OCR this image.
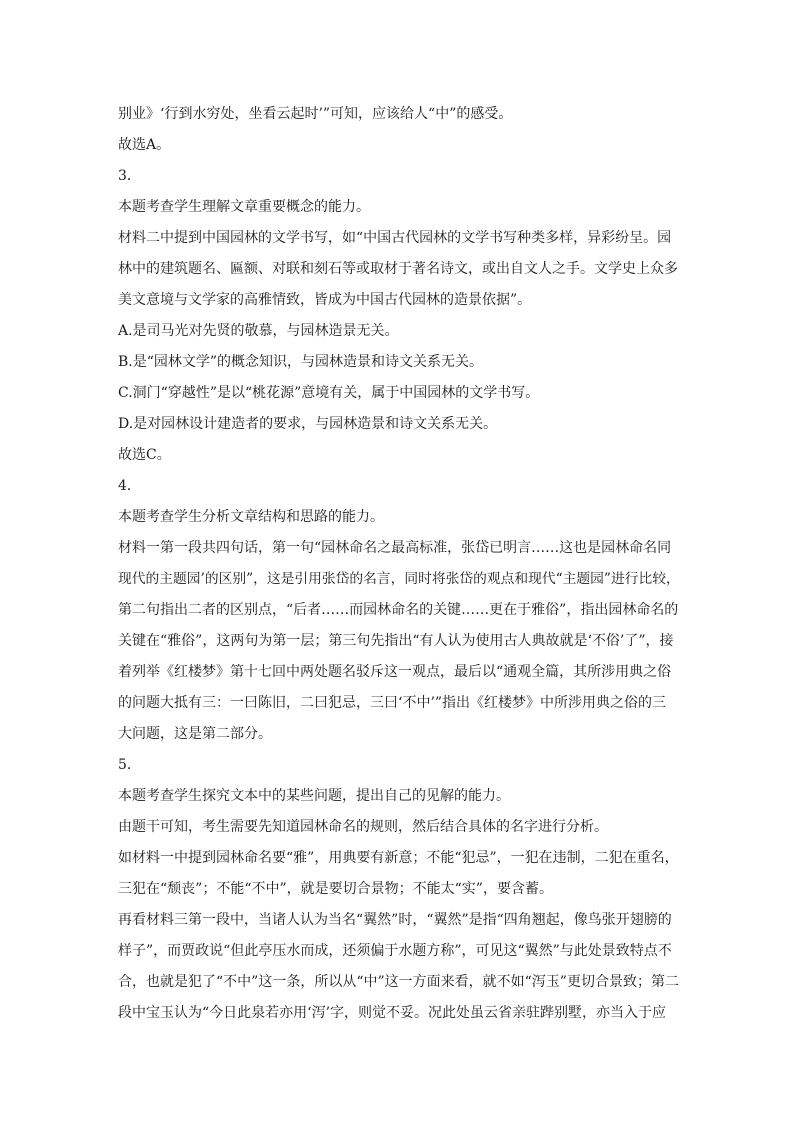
别业》‘行到水穷处，坐看云起时’”可知，应该给人“中”的感受。
故选A。
3．
本题考查学生理解文章重要概念的能力。
材料二中提到中国园林的文学书写，如“中国古代园林的文学书写种类多样，异彩纷呈。园
林中的建筑题名、匾额、对联和刻石等或取材于著名诗文，或出自文人之手。文学史上众多
美文意境与文学家的高雅情致，皆成为中国古代园林的造景依据”。
A.是司马光对先贤的敬慕，与园林造景无关。
B.是“园林文学”的概念知识，与园林造景和诗文关系无关。
C.洞门“穿越性”是以“桃花源”意境有关，属于中国园林的文学书写。
D.是对园林设计建造者的要求，与园林造景和诗文关系无关。
故选C。
4．
本题考查学生分析文章结构和思路的能力。
材料一第一段共四句话，第一句“园林命名之最高标准，张岱已明言……这也是园林命名同
现代的主题园’的区别”，这是引用张岱的名言，同时将张岱的观点和现代“主题园”进行比较，
第二句指出二者的区别点，“后者……而园林命名的关键……更在于雅俗”，指出园林命名的
关键在“雅俗”，这两句为第一层；第三句先指出“有人认为使用古人典故就是‘不俗’了”，接
着列举《红楼梦》第十七回中两处题名驳斥这一观点，最后以“通观全篇，其所涉用典之俗
的问题大抵有三：一曰陈旧，二曰犯忌，三曰‘不中’”指出《红楼梦》中所涉用典之俗的三
大问题，这是第二部分。
5．
本题考查学生探究文本中的某些问题，提出自己的见解的能力。
由题干可知，考生需要先知道园林命名的规则，然后结合具体的名字进行分析。
如材料一中提到园林命名要“雅”，用典要有新意；不能“犯忌”，一犯在违制，二犯在重名，
三犯在“颓丧”；不能“不中”，就是要切合景物；不能太“实”，要含蓄。
再看材料三第一段中，当诸人认为当名“翼然”时，“翼然”是指“四角翘起，像鸟张开翅膀的
样子”，而贾政说“但此亭压水而成，还须偏于水题方称”，可见这“翼然”与此处景致特点不
合，也就是犯了“不中”这一条，所以从“中”这一方面来看，就不如“泻玉”更切合景致；第二
段中宝玉认为“今日此泉若亦用‘泻’字，则觉不妥。况此处虽云省亲驻跸别墅，亦当入于应
